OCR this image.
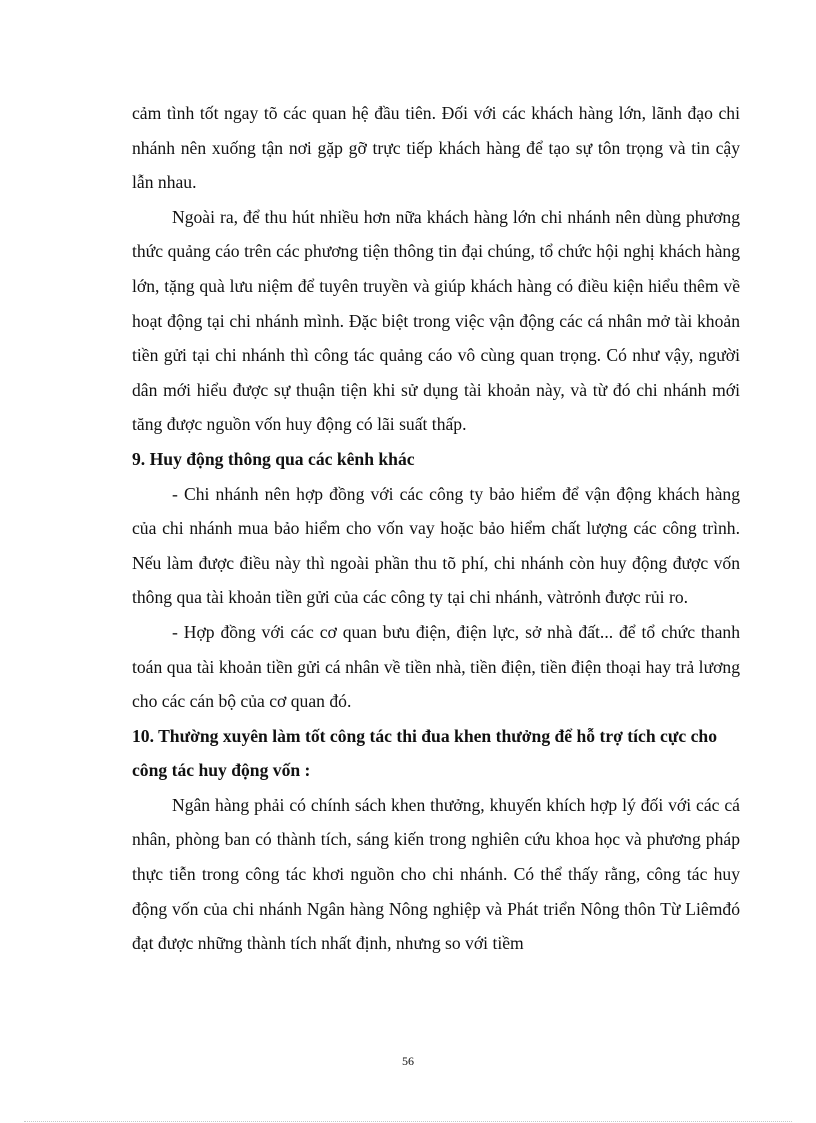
cảm tình tốt ngay tõ các quan hệ đầu tiên. Đối với các khách hàng lớn, lãnh đạo chi nhánh nên xuống tận nơi gặp gỡ trực tiếp khách hàng để tạo sự tôn trọng và tin cậy lẫn nhau.

Ngoài ra, để thu hút nhiều hơn nữa khách hàng lớn chi nhánh nên dùng phương thức quảng cáo trên các phương tiện thông tin đại chúng, tổ chức hội nghị khách hàng lớn, tặng quà lưu niệm để tuyên truyền và giúp khách hàng có điều kiện hiểu thêm về hoạt động tại chi nhánh mình. Đặc biệt trong việc vận động các cá nhân mở tài khoản tiền gửi tại chi nhánh thì công tác quảng cáo vô cùng quan trọng. Có như vậy, người dân mới hiểu được sự thuận tiện khi sử dụng tài khoản này, và từ đó chi nhánh mới tăng được nguồn vốn huy động có lãi suất thấp.

9. Huy động thông qua các kênh khác

- Chi nhánh nên hợp đồng với các công ty bảo hiểm để vận động khách hàng của chi nhánh mua bảo hiểm cho vốn vay hoặc bảo hiểm chất lượng các công trình. Nếu làm được điều này thì ngoài phần thu tõ phí, chi nhánh còn huy động được vốn thông qua tài khoản tiền gửi của các công ty tại chi nhánh, vàtrỏnh được rủi ro.

- Hợp đồng với các cơ quan bưu điện, điện lực, sở nhà đất... để tổ chức thanh toán qua tài khoản tiền gửi cá nhân về tiền nhà, tiền điện, tiền điện thoại hay trả lương cho các cán bộ của cơ quan đó.

10. Thường xuyên làm tốt công tác thi đua khen thưởng để hỗ trợ tích cực cho công tác huy động vốn :

Ngân hàng phải có chính sách khen thưởng, khuyến khích hợp lý đối với các cá nhân, phòng ban có thành tích, sáng kiến trong nghiên cứu khoa học và phương pháp thực tiễn trong công tác khơi nguồn cho chi nhánh. Có thể thấy rằng, công tác huy động vốn của chi nhánh Ngân hàng Nông nghiệp và Phát triển Nông thôn Từ Liêmđó đạt được những thành tích nhất định, nhưng so với tiềm

56
